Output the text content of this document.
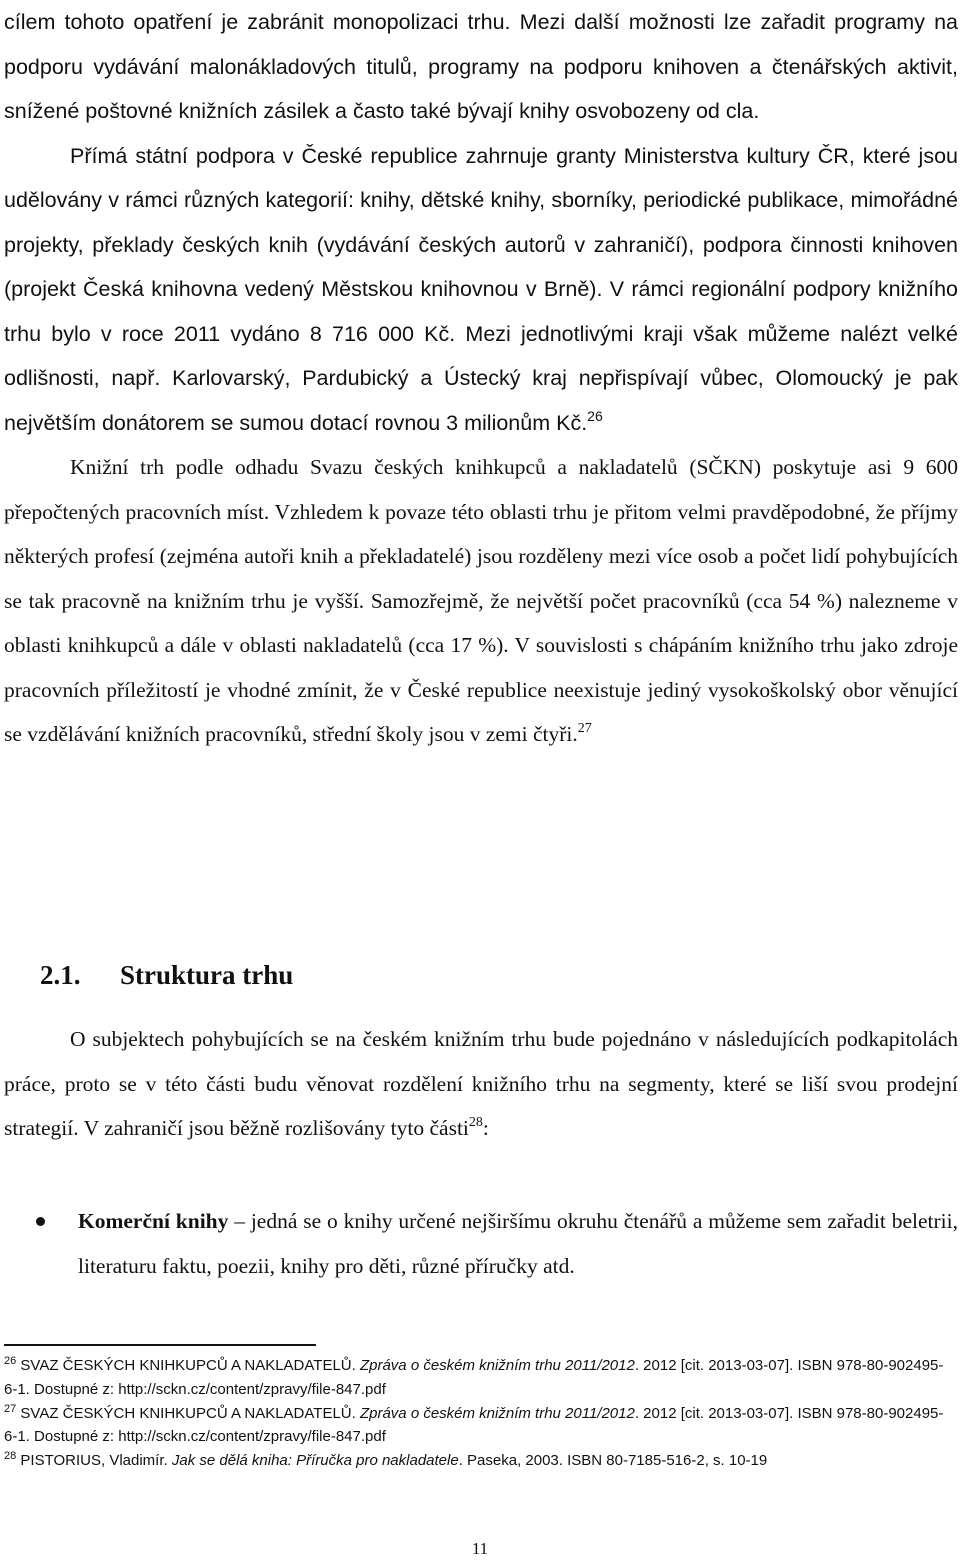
cílem tohoto opatření je zabránit monopolizaci trhu. Mezi další možnosti lze zařadit programy na podporu vydávání malonákladových titulů, programy na podporu knihoven a čtenářských aktivit, snížené poštovné knižních zásilek a často také bývají knihy osvobozeny od cla.

Přímá státní podpora v České republice zahrnuje granty Ministerstva kultury ČR, které jsou udělovány v rámci různých kategorií: knihy, dětské knihy, sborníky, periodické publikace, mimořádné projekty, překlady českých knih (vydávání českých autorů v zahraničí), podpora činnosti knihoven (projekt Česká knihovna vedený Městskou knihovnou v Brně). V rámci regionální podpory knižního trhu bylo v roce 2011 vydáno 8 716 000 Kč. Mezi jednotlivými kraji však můžeme nalézt velké odlišnosti, např. Karlovarský, Pardubický a Ústecký kraj nepřispívají vůbec, Olomoucký je pak největším donátorem se sumou dotací rovnou 3 milionům Kč.$^{26}$

Knižní trh podle odhadu Svazu českých knihkupců a nakladatelů (SČKN) poskytuje asi 9 600 přepočtených pracovních míst. Vzhledem k povaze této oblasti trhu je přitom velmi pravděpodobné, že příjmy některých profesí (zejména autoři knih a překladatelé) jsou rozděleny mezi více osob a počet lidí pohybujících se tak pracovně na knižním trhu je vyšší. Samozřejmě, že největší počet pracovníků (cca 54 %) nalezneme v oblasti knihkupců a dále v oblasti nakladatelů (cca 17 %). V souvislosti s chápáním knižního trhu jako zdroje pracovních příležitostí je vhodné zmínit, že v České republice neexistuje jediný vysokoškolský obor věnující se vzdělávání knižních pracovníků, střední školy jsou v zemi čtyři.$^{27}$

2.1. Struktura trhu

O subjektech pohybujících se na českém knižním trhu bude pojednáno v následujících podkapitolách práce, proto se v této části budu věnovat rozdělení knižního trhu na segmenty, které se liší svou prodejní strategií. V zahraničí jsou běžně rozlišovány tyto části$^{28}$:

Komerční knihy – jedná se o knihy určené nejširšímu okruhu čtenářů a můžeme sem zařadit beletrii, literaturu faktu, poezii, knihy pro děti, různé příručky atd.

$^{26}$ SVAZ ČESKÝCH KNIHKUPCŮ A NAKLADATELŮ. Zpráva o českém knižním trhu 2011/2012. 2012 [cit. 2013-03-07]. ISBN 978-80-902495-6-1. Dostupné z: http://sckn.cz/content/zpravy/file-847.pdf
$^{27}$ SVAZ ČESKÝCH KNIHKUPCŮ A NAKLADATELŮ. Zpráva o českém knižním trhu 2011/2012. 2012 [cit. 2013-03-07]. ISBN 978-80-902495-6-1. Dostupné z: http://sckn.cz/content/zpravy/file-847.pdf
$^{28}$ PISTORIUS, Vladimír. Jak se dělá kniha: Příručka pro nakladatele. Paseka, 2003. ISBN 80-7185-516-2, s. 10-19
11
